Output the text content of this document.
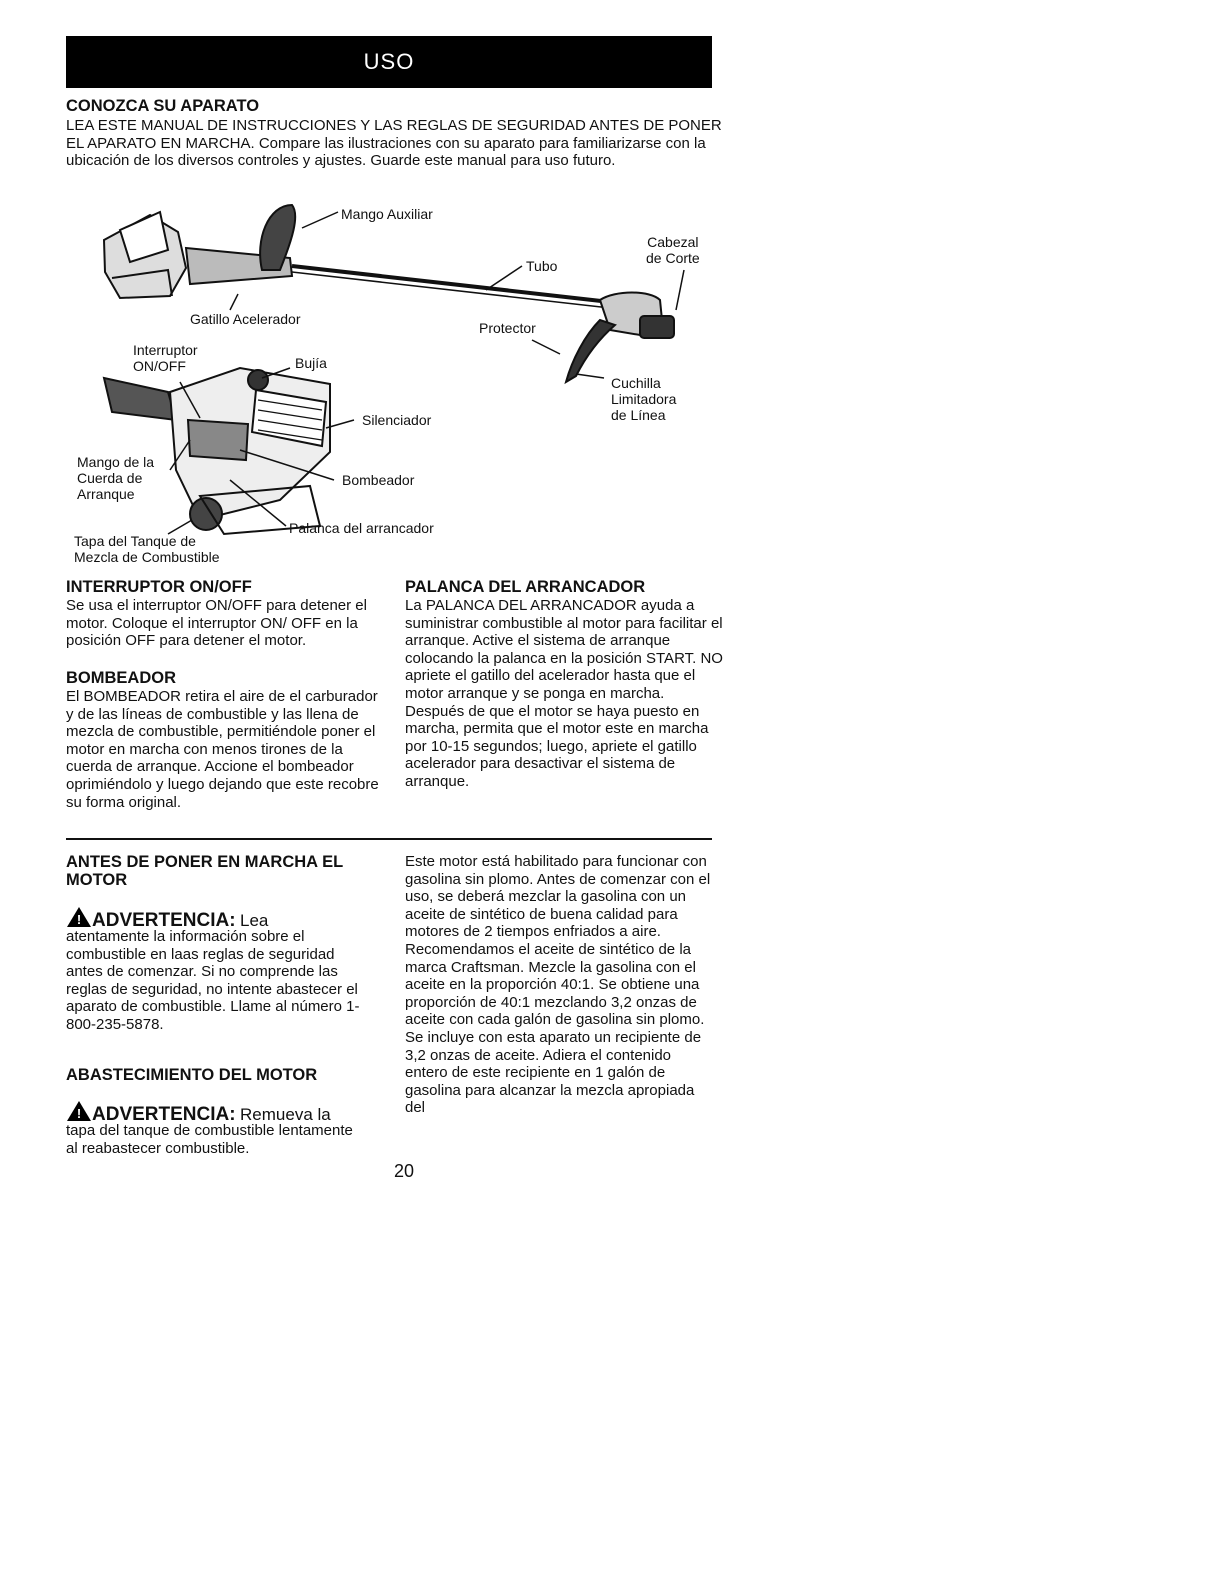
USO
CONOZCA SU APARATO
LEA ESTE MANUAL DE INSTRUCCIONES Y LAS REGLAS DE SEGURIDAD ANTES DE PONER EL APARATO EN MARCHA. Compare las ilustraciones con su aparato para familiarizarse con la ubicación de los diversos controles y ajustes. Guarde este manual para uso futuro.
Mango Auxiliar
Tubo
Cabezal
de Corte
Gatillo Acelerador
Protector
Interruptor
ON/OFF	Bujía
Cuchilla
Limitadora
de Línea
Silenciador
Mango de la
Cuerda de
Arranque
Bombeador
Palanca del arrancador
Tapa del Tanque de
Mezcla de Combustible
INTERRUPTOR ON/OFF
Se usa el interruptor ON/OFF para detener el motor. Coloque el interruptor ON/ OFF en la posición OFF para detener el motor.
BOMBEADOR
El BOMBEADOR retira el aire de el carburador y de las líneas de combustible y las llena de mezcla de combustible, permitiéndole poner el motor en marcha con menos tirones de la cuerda de arranque. Accione el bombeador oprimiéndolo y luego dejando que este recobre su forma original.
PALANCA DEL ARRANCADOR
La PALANCA DEL ARRANCADOR ayuda a suministrar combustible al motor para facilitar el arranque. Active el sistema de arranque colocando la palanca en la posición START. NO apriete el gatillo del acelerador hasta que el motor arranque y se ponga en marcha. Después de que el motor se haya puesto en marcha, permita que el motor este en marcha por 10-15 segundos; luego, apriete el gatillo acelerador para desactivar el sistema de arranque.
ANTES DE PONER EN MARCHA EL MOTOR
! ADVERTENCIA: Lea
atentamente la información sobre el combustible en laas reglas de seguridad antes de comenzar. Si no comprende las reglas de seguridad, no intente abastecer el aparato de combustible. Llame al número 1-800-235-5878.
ABASTECIMIENTO DEL MOTOR
! ADVERTENCIA: Remueva la
tapa del tanque de combustible lentamente al reabastecer combustible.
Este motor está habilitado para funcionar con gasolina sin plomo. Antes de comenzar con el uso, se deberá mezclar la gasolina con un aceite de sintético de buena calidad para motores de 2 tiempos enfriados a aire. Recomendamos el aceite de sintético de la marca Craftsman. Mezcle la gasolina con el aceite en la proporción 40:1. Se obtiene una proporción de 40:1 mezclando 3,2 onzas de aceite con cada galón de gasolina sin plomo. Se incluye con esta aparato un recipiente de 3,2 onzas de aceite. Adiera el contenido entero de este recipiente en 1 galón de gasolina para alcanzar la mezcla apropiada del
20
